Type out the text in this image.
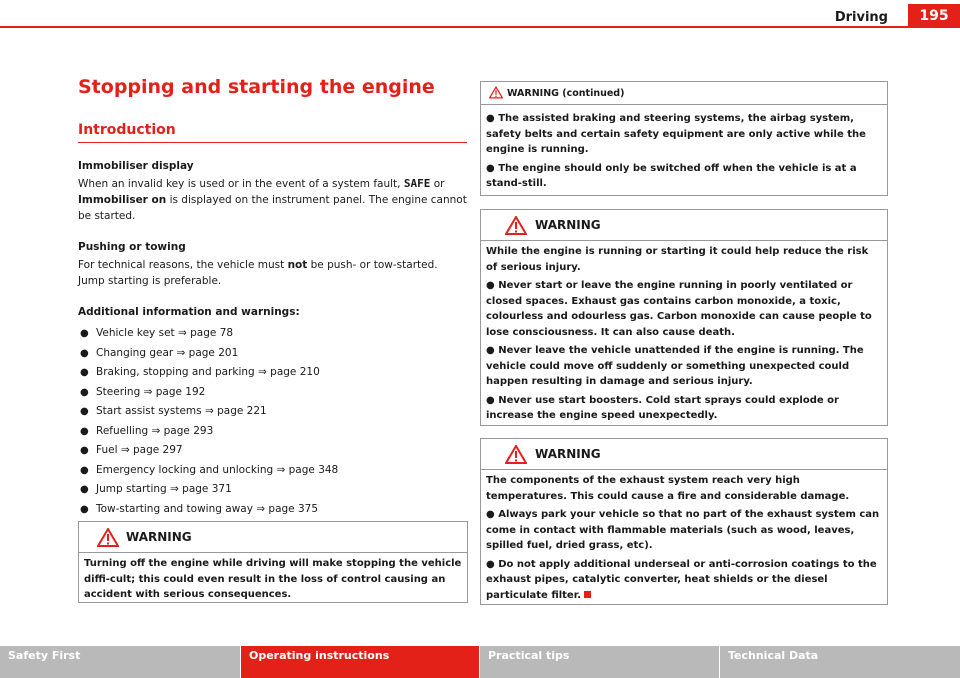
Driving	195
Stopping and starting the engine
Introduction
Immobiliser display
When an invalid key is used or in the event of a system fault, SAFE or Immobiliser on is displayed on the instrument panel. The engine cannot be started.
Pushing or towing
For technical reasons, the vehicle must not be push- or tow-started. Jump starting is preferable.
Additional information and warnings:
● Vehicle key set ⇒ page 78
● Changing gear ⇒ page 201
● Braking, stopping and parking ⇒ page 210
● Steering ⇒ page 192
● Start assist systems ⇒ page 221
● Refuelling ⇒ page 293
● Fuel ⇒ page 297
● Emergency locking and unlocking ⇒ page 348
● Jump starting ⇒ page 371
● Tow-starting and towing away ⇒ page 375
WARNING

Turning off the engine while driving will make stopping the vehicle diffi-cult; this could even result in the loss of control causing an accident with serious consequences.

WARNING (continued)

● The assisted braking and steering systems, the airbag system, safety belts and certain safety equipment are only active while the engine is running.

● The engine should only be switched off when the vehicle is at a stand-still.

WARNING

While the engine is running or starting it could help reduce the risk of serious injury.

● Never start or leave the engine running in poorly ventilated or closed spaces. Exhaust gas contains carbon monoxide, a toxic, colourless and odourless gas. Carbon monoxide can cause people to lose consciousness. It can also cause death.

● Never leave the vehicle unattended if the engine is running. The vehicle could move off suddenly or something unexpected could happen resulting in damage and serious injury.

● Never use start boosters. Cold start sprays could explode or increase the engine speed unexpectedly.

WARNING

The components of the exhaust system reach very high temperatures. This could cause a fire and considerable damage.

● Always park your vehicle so that no part of the exhaust system can come in contact with flammable materials (such as wood, leaves, spilled fuel, dried grass, etc).

● Do not apply additional underseal or anti-corrosion coatings to the exhaust pipes, catalytic converter, heat shields or the diesel particulate filter.

Safety First	Operating instructions	Practical tips	Technical Data
